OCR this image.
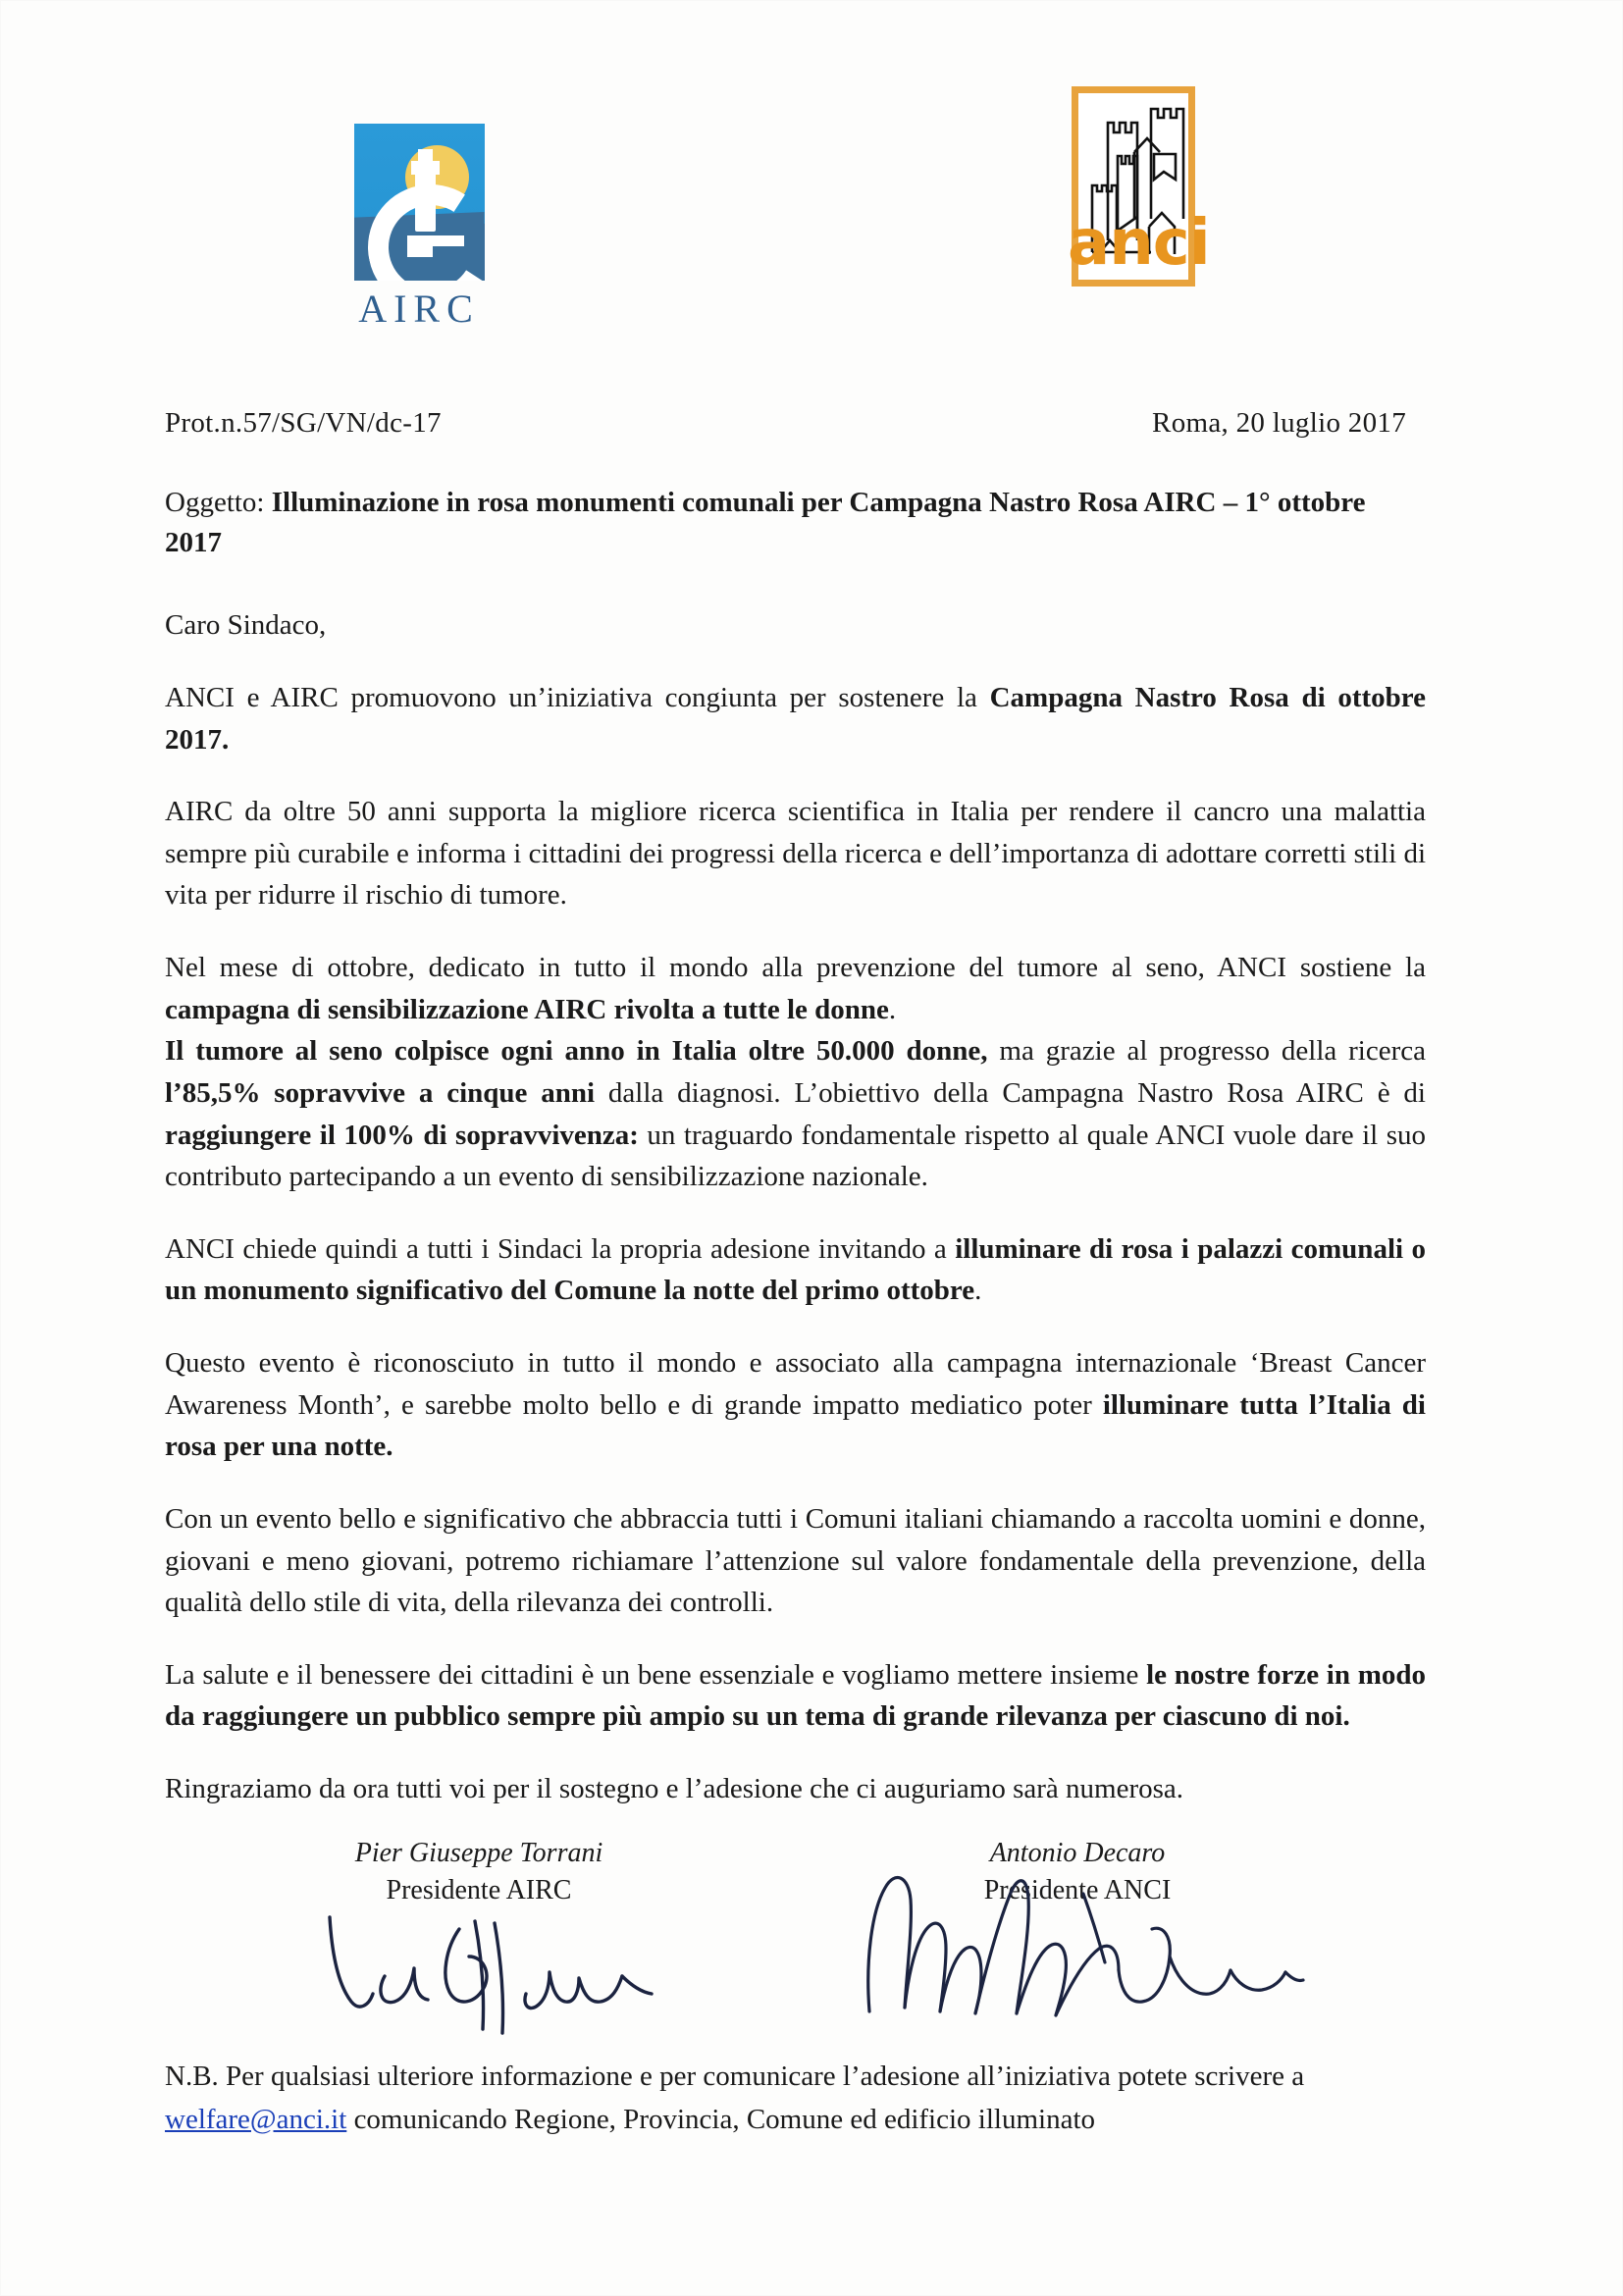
AIRC
anci
Prot.n.57/SG/VN/dc-17	Roma, 20 luglio 2017
Oggetto: Illuminazione in rosa monumenti comunali per Campagna Nastro Rosa AIRC – 1° ottobre 2017

Caro Sindaco,

ANCI e AIRC promuovono un’iniziativa congiunta per sostenere la Campagna Nastro Rosa di ottobre 2017.

AIRC da oltre 50 anni supporta la migliore ricerca scientifica in Italia per rendere il cancro una malattia sempre più curabile e informa i cittadini dei progressi della ricerca e dell’importanza di adottare corretti stili di vita per ridurre il rischio di tumore.

Nel mese di ottobre, dedicato in tutto il mondo alla prevenzione del tumore al seno, ANCI sostiene la campagna di sensibilizzazione AIRC rivolta a tutte le donne.
Il tumore al seno colpisce ogni anno in Italia oltre 50.000 donne, ma grazie al progresso della ricerca l’85,5% sopravvive a cinque anni dalla diagnosi. L’obiettivo della Campagna Nastro Rosa AIRC è di raggiungere il 100% di sopravvivenza: un traguardo fondamentale rispetto al quale ANCI vuole dare il suo contributo partecipando a un evento di sensibilizzazione nazionale.

ANCI chiede quindi a tutti i Sindaci la propria adesione invitando a illuminare di rosa i palazzi comunali o un monumento significativo del Comune la notte del primo ottobre.

Questo evento è riconosciuto in tutto il mondo e associato alla campagna internazionale ‘Breast Cancer Awareness Month’, e sarebbe molto bello e di grande impatto mediatico poter illuminare tutta l’Italia di rosa per una notte.

Con un evento bello e significativo che abbraccia tutti i Comuni italiani chiamando a raccolta uomini e donne, giovani e meno giovani, potremo richiamare l’attenzione sul valore fondamentale della prevenzione, della qualità dello stile di vita, della rilevanza dei controlli.

La salute e il benessere dei cittadini è un bene essenziale e vogliamo mettere insieme le nostre forze in modo da raggiungere un pubblico sempre più ampio su un tema di grande rilevanza per ciascuno di noi.

Ringraziamo da ora tutti voi per il sostegno e l’adesione che ci auguriamo sarà numerosa.

Pier Giuseppe Torrani
Presidente AIRC
Antonio Decaro
Presidente ANCI
N.B. Per qualsiasi ulteriore informazione e per comunicare l’adesione all’iniziativa potete scrivere a welfare@anci.it comunicando Regione, Provincia, Comune ed edificio illuminato
